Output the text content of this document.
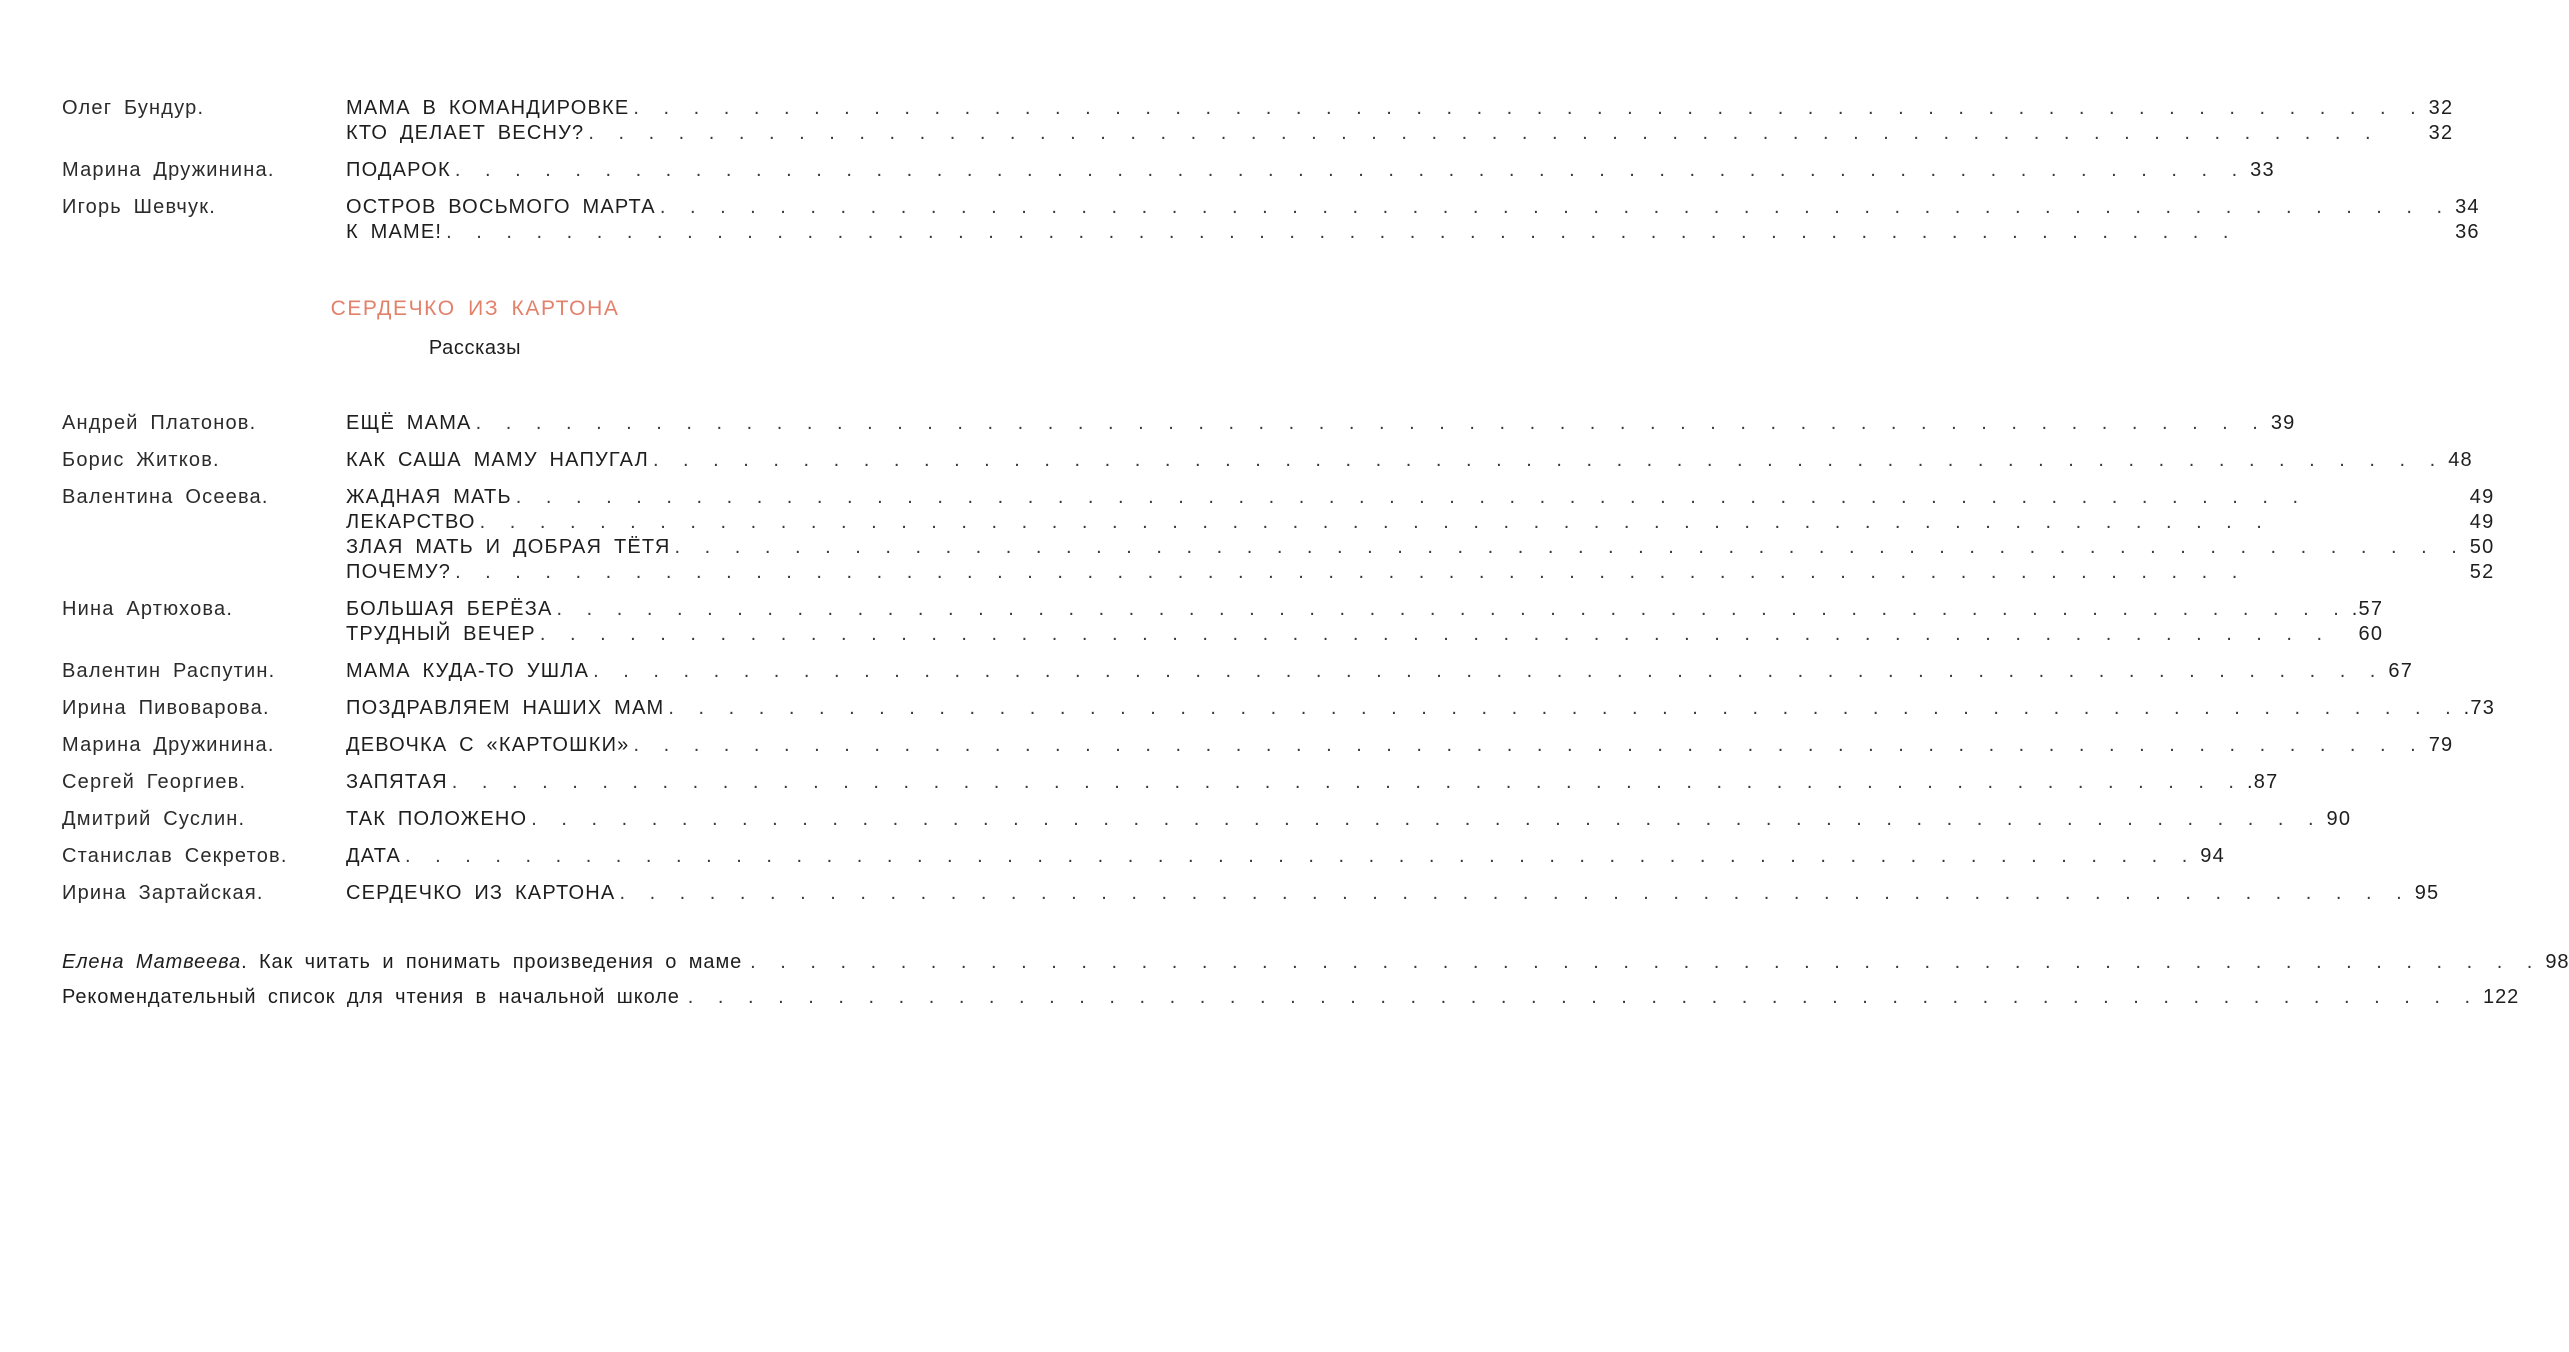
Олег Бундур.	МАМА В КОМАНДИРОВКЕ . . . . . . . . . . . . . . . . . . . . . . . . . . . . . . . . . . . . . . . . . . . . . . . . . . . . . . . . . . . . 32
КТО ДЕЛАЕТ ВЕСНУ? . . . . . . . . . . . . . . . . . . . . . . . . . . . . . . . . . . . . . . . . . . . . . . . . . . . . . . . . . . . .	32
Марина Дружинина.	ПОДАРОК . . . . . . . . . . . . . . . . . . . . . . . . . . . . . . . . . . . . . . . . . . . . . . . . . . . . . . . . . . . . 33
Игорь Шевчук.	ОСТРОВ ВОСЬМОГО МАРТА . . . . . . . . . . . . . . . . . . . . . . . . . . . . . . . . . . . . . . . . . . . . . . . . . . . . . . . . . . . . 34
К МАМЕ! . . . . . . . . . . . . . . . . . . . . . . . . . . . . . . . . . . . . . . . . . . . . . . . . . . . . . . . . . . . .	36
СЕРДЕЧКО ИЗ КАРТОНА
Рассказы
Андрей Платонов.	ЕЩЁ МАМА . . . . . . . . . . . . . . . . . . . . . . . . . . . . . . . . . . . . . . . . . . . . . . . . . . . . . . . . . . . . 39
Борис Житков.	КАК САША МАМУ НАПУГАЛ . . . . . . . . . . . . . . . . . . . . . . . . . . . . . . . . . . . . . . . . . . . . . . . . . . . . . . . . . . . . 48
Валентина Осеева.	ЖАДНАЯ МАТЬ . . . . . . . . . . . . . . . . . . . . . . . . . . . . . . . . . . . . . . . . . . . . . . . . . . . . . . . . . . . .	49
ЛЕКАРСТВО . . . . . . . . . . . . . . . . . . . . . . . . . . . . . . . . . . . . . . . . . . . . . . . . . . . . . . . . . . . .	49
ЗЛАЯ МАТЬ И ДОБРАЯ ТЁТЯ . . . . . . . . . . . . . . . . . . . . . . . . . . . . . . . . . . . . . . . . . . . . . . . . . . . . . . . . . . . . 50
ПОЧЕМУ? . . . . . . . . . . . . . . . . . . . . . . . . . . . . . . . . . . . . . . . . . . . . . . . . . . . . . . . . . . . .	52
Нина Артюхова.	БОЛЬШАЯ БЕРЁЗА . . . . . . . . . . . . . . . . . . . . . . . . . . . . . . . . . . . . . . . . . . . . . . . . . . . . . . . . . . . . .57
ТРУДНЫЙ ВЕЧЕР . . . . . . . . . . . . . . . . . . . . . . . . . . . . . . . . . . . . . . . . . . . . . . . . . . . . . . . . . . . .	60
Валентин Распутин.	МАМА КУДА-ТО УШЛА . . . . . . . . . . . . . . . . . . . . . . . . . . . . . . . . . . . . . . . . . . . . . . . . . . . . . . . . . . . . 67
Ирина Пивоварова.	ПОЗДРАВЛЯЕМ НАШИХ МАМ . . . . . . . . . . . . . . . . . . . . . . . . . . . . . . . . . . . . . . . . . . . . . . . . . . . . . . . . . . . . .73
Марина Дружинина.	ДЕВОЧКА С «КАРТОШКИ» . . . . . . . . . . . . . . . . . . . . . . . . . . . . . . . . . . . . . . . . . . . . . . . . . . . . . . . . . . . . 79
Сергей Георгиев.	ЗАПЯТАЯ . . . . . . . . . . . . . . . . . . . . . . . . . . . . . . . . . . . . . . . . . . . . . . . . . . . . . . . . . . . . .87
Дмитрий Суслин.	ТАК ПОЛОЖЕНО . . . . . . . . . . . . . . . . . . . . . . . . . . . . . . . . . . . . . . . . . . . . . . . . . . . . . . . . . . . . 90
Станислав Секретов.	ДАТА . . . . . . . . . . . . . . . . . . . . . . . . . . . . . . . . . . . . . . . . . . . . . . . . . . . . . . . . . . . . 94
Ирина Зартайская.	СЕРДЕЧКО ИЗ КАРТОНА . . . . . . . . . . . . . . . . . . . . . . . . . . . . . . . . . . . . . . . . . . . . . . . . . . . . . . . . . . . . 95
Елена Матвеева. Как читать и понимать произведения о маме . . . . . . . . . . . . . . . . . . . . . . . . . . . . . . . . . . . . . . . . . . . . . . . . . . . . . . . . . . . . 98
Рекомендательный список для чтения в начальной школе . . . . . . . . . . . . . . . . . . . . . . . . . . . . . . . . . . . . . . . . . . . . . . . . . . . . . . . . . . . . 122
